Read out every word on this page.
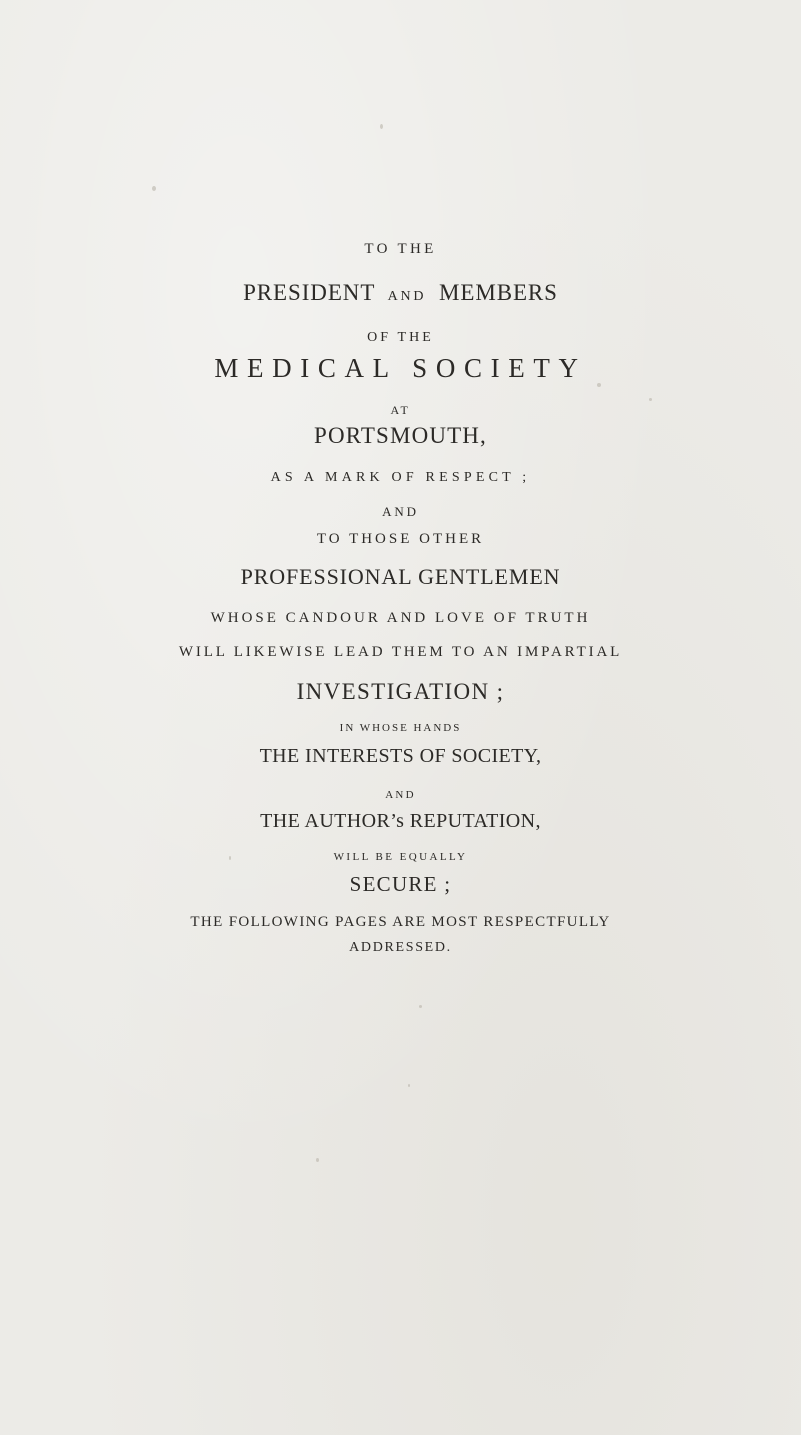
TO THE
PRESIDENT AND MEMBERS
OF THE
MEDICAL SOCIETY
AT
PORTSMOUTH,
AS A MARK OF RESPECT ;
AND
TO THOSE OTHER
PROFESSIONAL GENTLEMEN
WHOSE CANDOUR AND LOVE OF TRUTH
WILL LIKEWISE LEAD THEM TO AN IMPARTIAL
INVESTIGATION ;
IN WHOSE HANDS
THE INTERESTS OF SOCIETY,
AND
THE AUTHOR’s REPUTATION,
WILL BE EQUALLY
SECURE ;
THE FOLLOWING PAGES ARE MOST RESPECTFULLY
ADDRESSED.
